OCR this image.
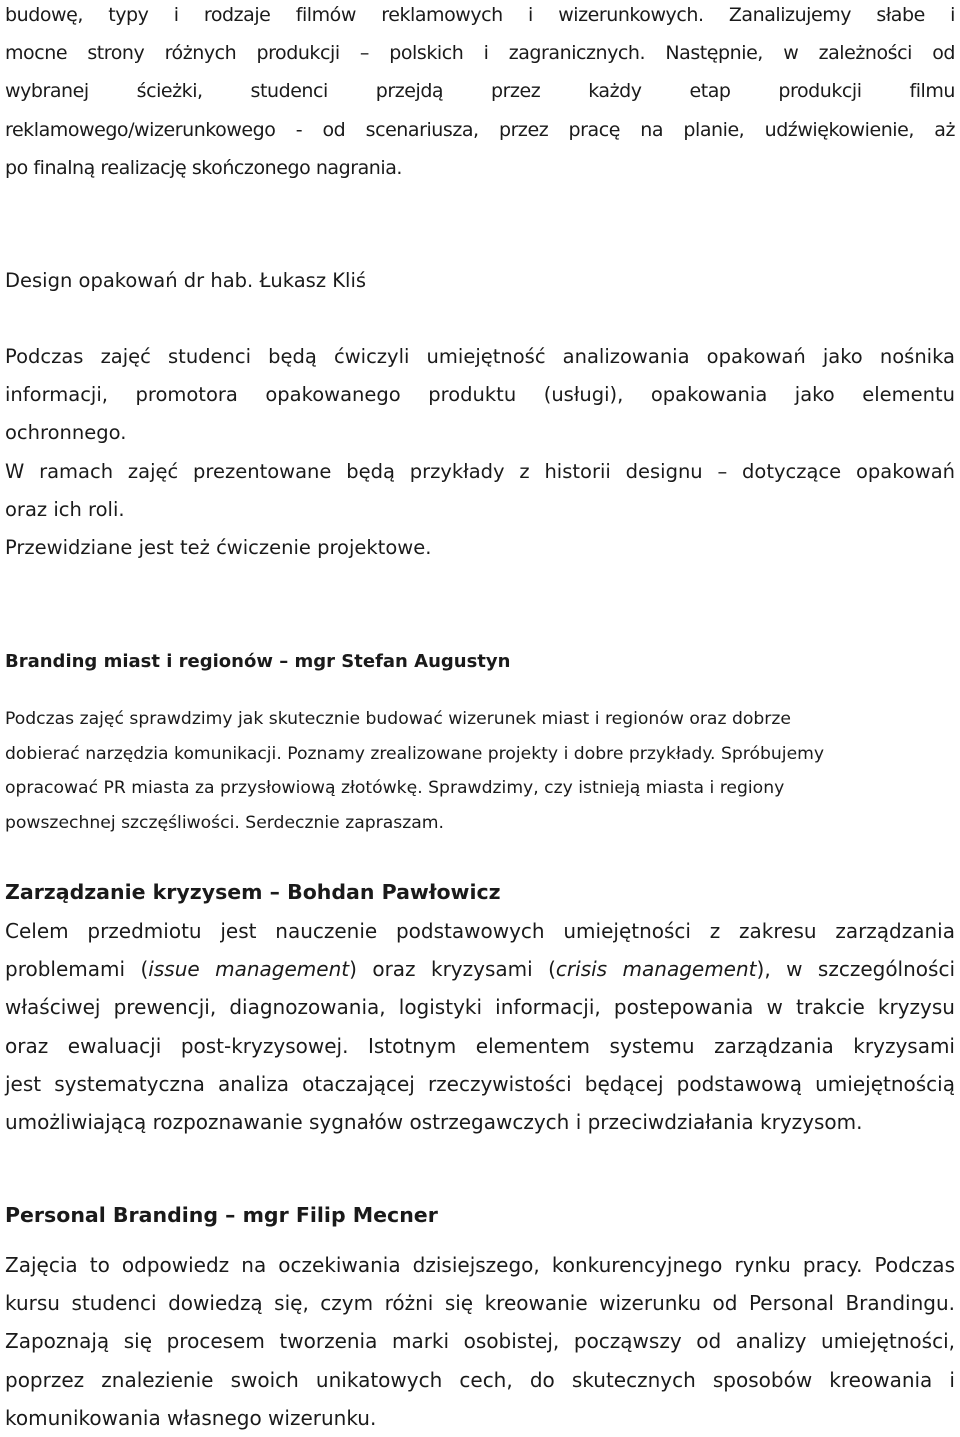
budowę, typy i rodzaje filmów reklamowych i wizerunkowych. Zanalizujemy słabe i
mocne strony różnych produkcji – polskich i zagranicznych. Następnie, w zależności od
wybranej ścieżki, studenci przejdą przez każdy etap produkcji filmu
reklamowego/wizerunkowego - od scenariusza, przez pracę na planie, udźwiękowienie, aż
po finalną realizację skończonego nagrania.
Design opakowań dr hab. Łukasz Kliś
Podczas zajęć studenci będą ćwiczyli umiejętność analizowania opakowań jako nośnika
informacji, promotora opakowanego produktu (usługi), opakowania jako elementu
ochronnego.
W ramach zajęć prezentowane będą przykłady z historii designu – dotyczące opakowań
oraz ich roli.
Przewidziane jest też ćwiczenie projektowe.
Branding miast i regionów – mgr Stefan Augustyn
Podczas zajęć sprawdzimy jak skutecznie budować wizerunek miast i regionów oraz dobrze
dobierać narzędzia komunikacji. Poznamy zrealizowane projekty i dobre przykłady. Spróbujemy
opracować PR miasta za przysłowiową złotówkę. Sprawdzimy, czy istnieją miasta i regiony
powszechnej szczęśliwości. Serdecznie zapraszam.
Zarządzanie kryzysem – Bohdan Pawłowicz
Celem przedmiotu jest nauczenie podstawowych umiejętności z zakresu zarządzania
problemami (issue management) oraz kryzysami (crisis management), w szczególności
właściwej prewencji, diagnozowania, logistyki informacji, postepowania w trakcie kryzysu
oraz ewaluacji post-kryzysowej. Istotnym elementem systemu zarządzania kryzysami
jest systematyczna analiza otaczającej rzeczywistości będącej podstawową umiejętnością
umożliwiającą rozpoznawanie sygnałów ostrzegawczych i przeciwdziałania kryzysom.
Personal Branding – mgr Filip Mecner
Zajęcia to odpowiedz na oczekiwania dzisiejszego, konkurencyjnego rynku pracy. Podczas
kursu studenci dowiedzą się, czym różni się kreowanie wizerunku od Personal Brandingu.
Zapoznają się procesem tworzenia marki osobistej, począwszy od analizy umiejętności,
poprzez znalezienie swoich unikatowych cech, do skutecznych sposobów kreowania i
komunikowania własnego wizerunku.
